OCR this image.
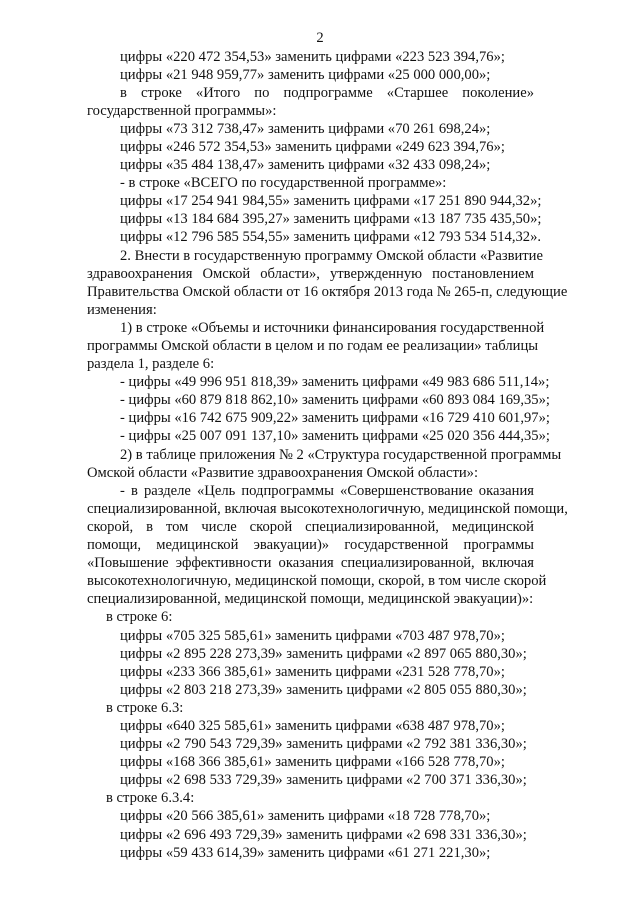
2
цифры «220 472 354,53» заменить цифрами «223 523 394,76»;
цифры «21 948 959,77» заменить цифрами «25 000 000,00»;
в строке «Итого по подпрограмме «Старшее поколение»
государственной программы»:
цифры «73 312 738,47» заменить цифрами «70 261 698,24»;
цифры «246 572 354,53» заменить цифрами «249 623 394,76»;
цифры «35 484 138,47» заменить цифрами «32 433 098,24»;
- в строке «ВСЕГО по государственной программе»:
цифры «17 254 941 984,55» заменить цифрами «17 251 890 944,32»;
цифры «13 184 684 395,27» заменить цифрами «13 187 735 435,50»;
цифры «12 796 585 554,55» заменить цифрами «12 793 534 514,32».
2. Внести в государственную программу Омской области «Развитие
здравоохранения Омской области», утвержденную постановлением
Правительства Омской области от 16 октября 2013 года № 265-п, следующие
изменения:
1) в строке «Объемы и источники финансирования государственной
программы Омской области в целом и по годам ее реализации» таблицы
раздела 1, разделе 6:
- цифры «49 996 951 818,39» заменить цифрами «49 983 686 511,14»;
- цифры «60 879 818 862,10» заменить цифрами «60 893 084 169,35»;
- цифры «16 742 675 909,22» заменить цифрами «16 729 410 601,97»;
- цифры «25 007 091 137,10» заменить цифрами «25 020 356 444,35»;
2) в таблице приложения № 2 «Структура государственной программы
Омской области «Развитие здравоохранения Омской области»:
- в разделе «Цель подпрограммы «Совершенствование оказания
специализированной, включая высокотехнологичную, медицинской помощи,
скорой, в том числе скорой специализированной, медицинской
помощи, медицинской эвакуации)» государственной программы
«Повышение эффективности оказания специализированной, включая
высокотехнологичную, медицинской помощи, скорой, в том числе скорой
специализированной, медицинской помощи, медицинской эвакуации)»:
в строке 6:
цифры «705 325 585,61» заменить цифрами «703 487 978,70»;
цифры «2 895 228 273,39» заменить цифрами «2 897 065 880,30»;
цифры «233 366 385,61» заменить цифрами «231 528 778,70»;
цифры «2 803 218 273,39» заменить цифрами «2 805 055 880,30»;
в строке 6.3:
цифры «640 325 585,61» заменить цифрами «638 487 978,70»;
цифры «2 790 543 729,39» заменить цифрами «2 792 381 336,30»;
цифры «168 366 385,61» заменить цифрами «166 528 778,70»;
цифры «2 698 533 729,39» заменить цифрами «2 700 371 336,30»;
в строке 6.3.4:
цифры «20 566 385,61» заменить цифрами «18 728 778,70»;
цифры «2 696 493 729,39» заменить цифрами «2 698 331 336,30»;
цифры «59 433 614,39» заменить цифрами «61 271 221,30»;
